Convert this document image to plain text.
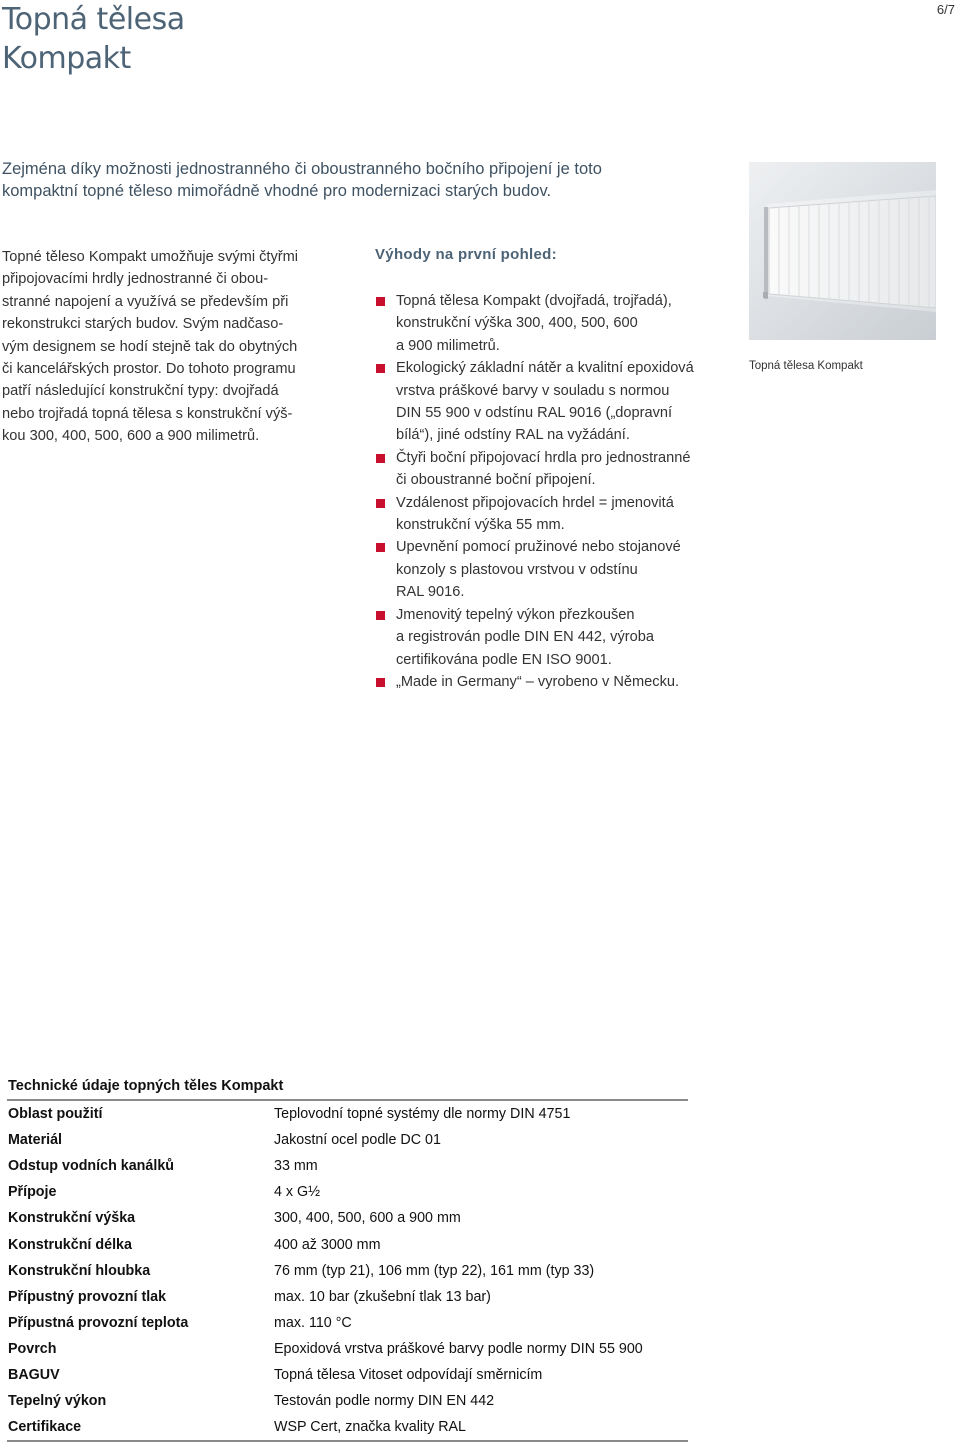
Topná tělesa
Kompakt
6/7

Zejména díky možnosti jednostranného či oboustranného bočního připojení je toto
kompaktní topné těleso mimořádně vhodné pro modernizaci starých budov.

Topné těleso Kompakt umožňuje svými čtyřmi
připojovacími hrdly jednostranné či obou-
stranné napojení a využívá se především při
rekonstrukci starých budov. Svým nadčaso-
vým designem se hodí stejně tak do obytných
či kancelářských prostor. Do tohoto programu
patří následující konstrukční typy: dvojřadá
nebo trojřadá topná tělesa s konstrukční výš-
kou 300, 400, 500, 600 a 900 milimetrů.

Výhody na první pohled:
Topná tělesa Kompakt (dvojřadá, trojřadá),
konstrukční výška 300, 400, 500, 600
a 900 milimetrů.
Ekologický základní nátěr a kvalitní epoxidová
vrstva práškové barvy v souladu s normou
DIN 55 900 v odstínu RAL 9016 („dopravní
bílá“), jiné odstíny RAL na vyžádání.
Čtyři boční připojovací hrdla pro jednostranné
či oboustranné boční připojení.
Vzdálenost připojovacích hrdel = jmenovitá
konstrukční výška 55 mm.
Upevnění pomocí pružinové nebo stojanové
konzoly s plastovou vrstvou v odstínu
RAL 9016.
Jmenovitý tepelný výkon přezkoušen
a registrován podle DIN EN 442, výroba
certifikována podle EN ISO 9001.
„Made in Germany“ – vyrobeno v Německu.

Topná tělesa Kompakt

Technické údaje topných těles Kompakt
Oblast použití	Teplovodní topné systémy dle normy DIN 4751
Materiál	Jakostní ocel podle DC 01
Odstup vodních kanálků	33 mm
Přípoje	4 x G½
Konstrukční výška	300, 400, 500, 600 a 900 mm
Konstrukční délka	400 až 3000 mm
Konstrukční hloubka	76 mm (typ 21), 106 mm (typ 22), 161 mm (typ 33)
Přípustný provozní tlak	max. 10 bar (zkušební tlak 13 bar)
Přípustná provozní teplota	max. 110 °C
Povrch	Epoxidová vrstva práškové barvy podle normy DIN 55 900
BAGUV	Topná tělesa Vitoset odpovídají směrnicím
Tepelný výkon	Testován podle normy DIN EN 442
Certifikace	WSP Cert, značka kvality RAL
